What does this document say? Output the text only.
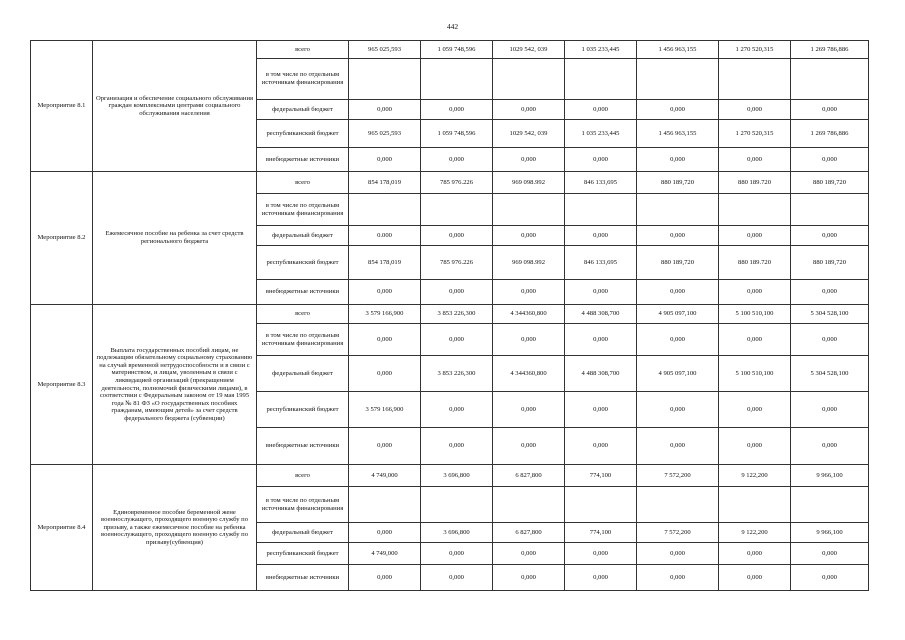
442
Мероприятие 8.1	Организация и обеспечение социального обслуживания граждан комплексными центрами социального обслуживания населения	всего	965 025,593	1 059 748,596	1029 542, 039	1 035 233,445	1 456 963,155	1 270 520,315	1 269 786,886
		в том числе по отдельным источникам финансирования							
		федеральный бюджет	0,000	0,000	0,000	0,000	0,000	0,000	0,000
		республиканский бюджет	965 025,593	1 059 748,596	1029 542, 039	1 035 233,445	1 456 963,155	1 270 520,315	1 269 786,886
		внебюджетные источники	0,000	0,000	0,000	0,000	0,000	0,000	0,000
Мероприятие 8.2	Ежемесячное пособие на ребенка за счет средств регионального бюджета	всего	854 178,019	785 976.226	969 098.992	846 133,695	880 189,720	880 189.720	880 189,720
		в том числе по отдельным источникам финансирования							
		федеральный бюджет	0.000	0,000	0,000	0,000	0,000	0,000	0,000
		республиканский бюджет	854 178,019	785 976.226	969 098.992	846 133,695	880 189,720	880 189.720	880 189,720
		внебюджетные источники	0,000	0,000	0,000	0,000	0,000	0,000	0,000
Мероприятие 8.3	Выплата государственных пособий лицам, не подлежащим обязательному социальному страхованию на случай временной нетрудоспособности и в связи с материнством, и лицам, уволенным в связи с ликвидацией организаций (прекращением деятельности, полномочий физическими лицами), в соответствии с Федеральным законом от 19 мая 1995 года № 81 ФЗ «О государственных пособиях гражданам, имеющим детей» за счет средств федерального бюджета (субвенции)	всего	3 579 166,900	3 853 226,300	4 344360,800	4 488 308,700	4 905 097,100	5 100 510,100	5 304 528,100
		в том числе по отдельным источникам финансирования	0,000	0,000	0,000	0,000	0,000	0,000	0,000
		федеральный бюджет	0,000	3 853 226,300	4 344360,800	4 488 308,700	4 905 097,100	5 100 510,100	5 304 528,100
		республиканский бюджет	3 579 166,900	0,000	0,000	0,000	0,000	0,000	0,000
		внебюджетные источники	0,000	0,000	0,000	0,000	0,000	0,000	0,000
Мероприятие 8.4	Единовременное пособие беременной жене военнослужащего, проходящего военную службу по призыву, а также ежемесячное пособие на ребенка военнослужащего, проходящего военную службу по призыву(субвенция)	всего	4 749,000	3 696,800	6 827,800	774,100	7 572,200	9 122,200	9 966,100
		в том числе по отдельным источникам финансирования							
		федеральный бюджет	0,000	3 696,800	6 827,800	774,100	7 572,200	9 122,200	9 966,100
		республиканский бюджет	4 749,000	0,000	0,000	0,000	0,000	0,000	0,000
		внебюджетные источники	0,000	0,000	0,000	0,000	0,000	0,000	0,000
